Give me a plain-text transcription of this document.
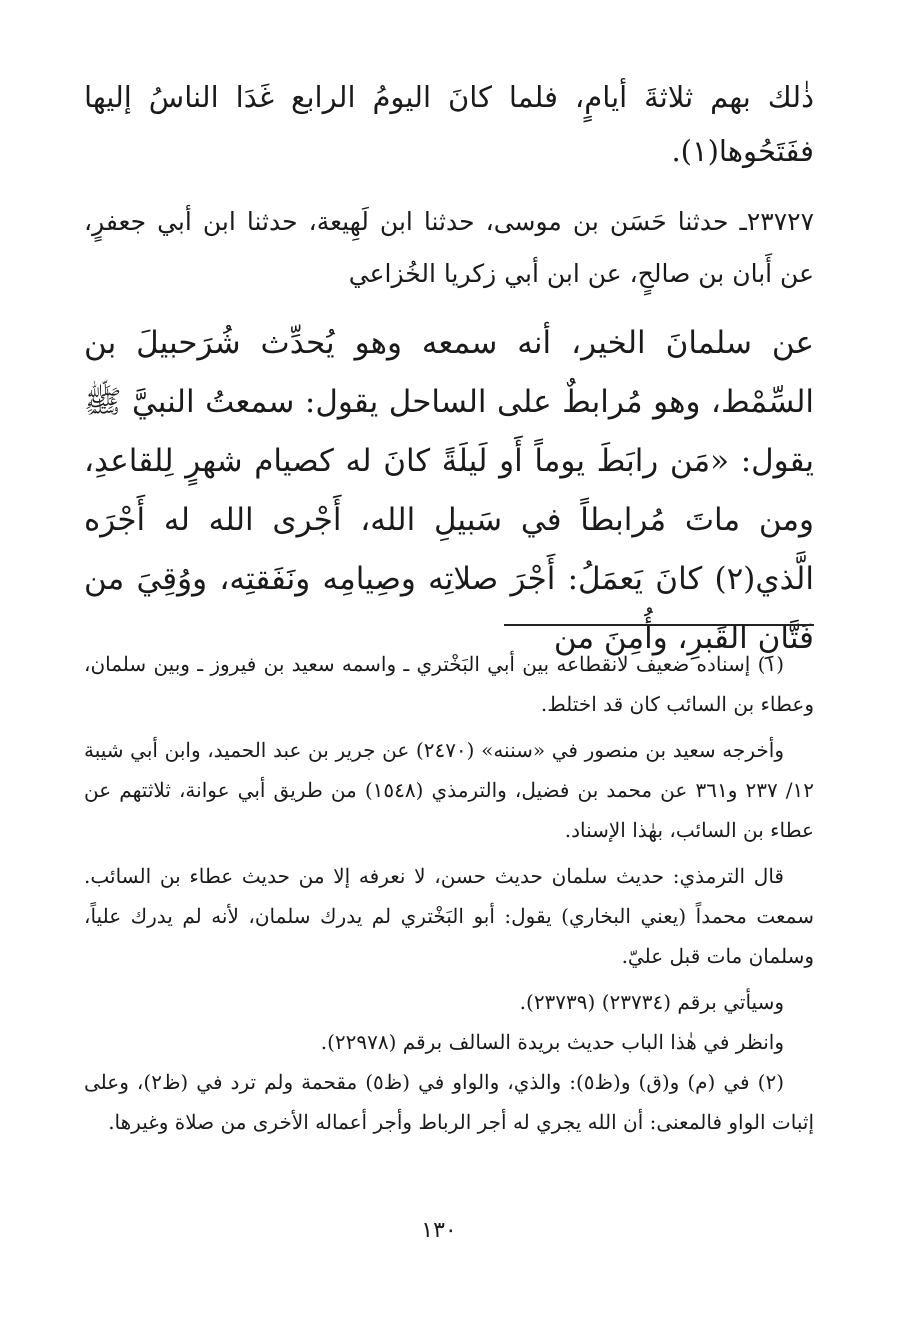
ذٰلك بهم ثلاثةَ أيامٍ، فلما كانَ اليومُ الرابع غَدَا الناسُ إليها ففَتَحُوها(١).

٢٣٧٢٧ـ حدثنا حَسَن بن موسى، حدثنا ابن لَهِيعة، حدثنا ابن أبي جعفرٍ، عن أَبان بن صالحٍ، عن ابن أبي زكريا الخُزاعي

عن سلمانَ الخير، أنه سمعه وهو يُحدِّث شُرَحبيلَ بن السِّمْط، وهو مُرابطٌ على الساحل يقول: سمعتُ النبيَّ ﷺ يقول: «مَن رابَطَ يوماً أَو لَيلَةً كانَ له كصيام شهرٍ لِلقاعدِ، ومن ماتَ مُرابطاً في سَبيلِ الله، أَجْرى الله له أَجْرَه الَّذي(٢) كانَ يَعمَلُ: أَجْرَ صلاتِه وصِيامِه ونَفَقتِه، ووُقِيَ من فَتَّانِ القَبرِ، وأُمِنَ من

(١) إسناده ضعيف لانقطاعه بين أبي البَخْتري ـ واسمه سعيد بن فيروز ـ وبين سلمان، وعطاء بن السائب كان قد اختلط.

وأخرجه سعيد بن منصور في «سننه» (٢٤٧٠) عن جرير بن عبد الحميد، وابن أبي شيبة ١٢/ ٢٣٧ و٣٦١ عن محمد بن فضيل، والترمذي (١٥٤٨) من طريق أبي عوانة، ثلاثتهم عن عطاء بن السائب، بهٰذا الإسناد.

قال الترمذي: حديث سلمان حديث حسن، لا نعرفه إلا من حديث عطاء بن السائب. سمعت محمداً (يعني البخاري) يقول: أبو البَخْتري لم يدرك سلمان، لأنه لم يدرك علياً، وسلمان مات قبل عليّ.

وسيأتي برقم (٢٣٧٣٤) (٢٣٧٣٩).

وانظر في هٰذا الباب حديث بريدة السالف برقم (٢٢٩٧٨).

(٢) في (م) و(ق) و(ظ٥): والذي، والواو في (ظ٥) مقحمة ولم ترد في (ظ٢)، وعلى إثبات الواو فالمعنى: أن الله يجري له أجر الرباط وأجر أعماله الأخرى من صلاة وغيرها.

١٣٠
